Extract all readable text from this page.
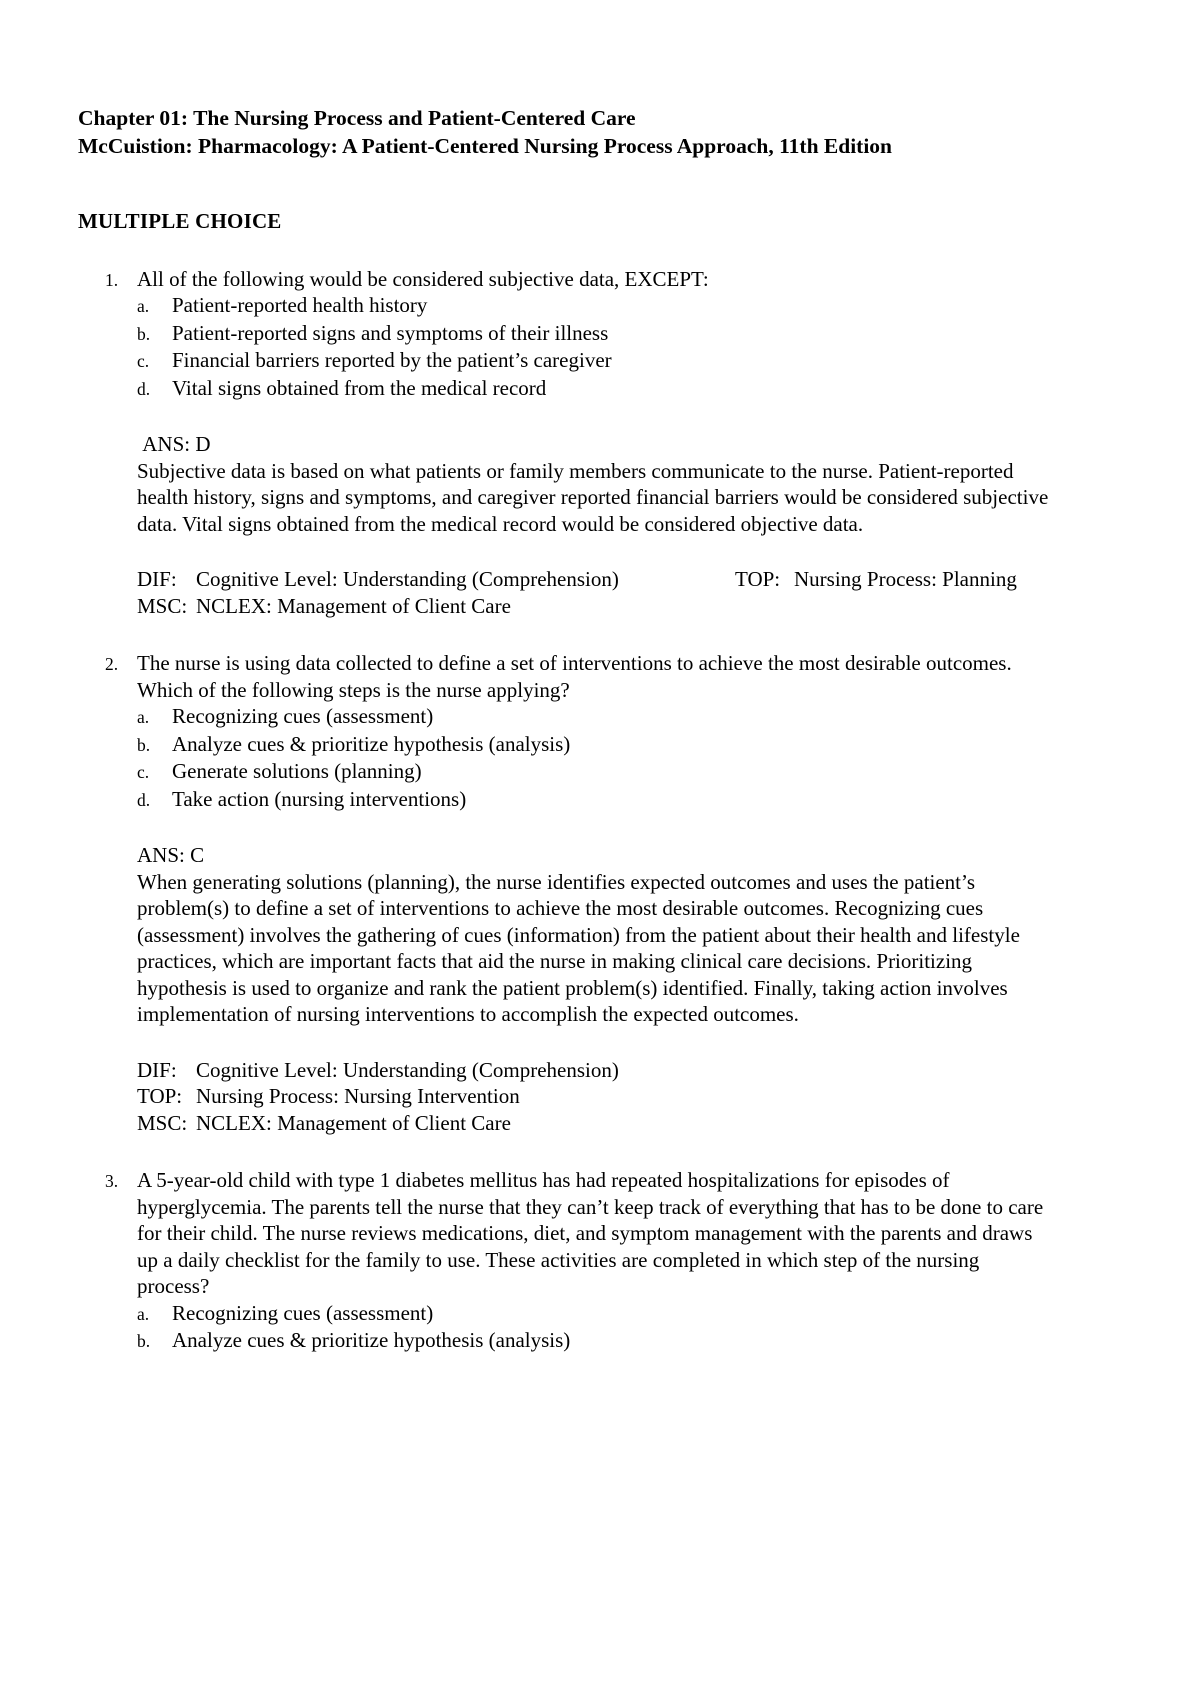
Chapter 01: The Nursing Process and Patient-Centered Care
McCuistion: Pharmacology: A Patient-Centered Nursing Process Approach, 11th Edition
MULTIPLE CHOICE
1. All of the following would be considered subjective data, EXCEPT:

a.	Patient-reported health history
b.	Patient-reported signs and symptoms of their illness
c.	Financial barriers reported by the patient’s caregiver
d.	Vital signs obtained from the medical record

ANS: D

Subjective data is based on what patients or family members communicate to the nurse. Patient-reported health history, signs and symptoms, and caregiver reported financial barriers would be considered subjective data. Vital signs obtained from the medical record would be considered objective data.

DIF: Cognitive Level: Understanding (Comprehension)	TOP: Nursing Process: Planning
MSC: NCLEX: Management of Client Care
2. The nurse is using data collected to define a set of interventions to achieve the most desirable outcomes. Which of the following steps is the nurse applying?

a.	Recognizing cues (assessment)
b.	Analyze cues & prioritize hypothesis (analysis)
c.	Generate solutions (planning)
d.	Take action (nursing interventions)

ANS: C

When generating solutions (planning), the nurse identifies expected outcomes and uses the patient’s problem(s) to define a set of interventions to achieve the most desirable outcomes. Recognizing cues (assessment) involves the gathering of cues (information) from the patient about their health and lifestyle practices, which are important facts that aid the nurse in making clinical care decisions. Prioritizing hypothesis is used to organize and rank the patient problem(s) identified. Finally, taking action involves implementation of nursing interventions to accomplish the expected outcomes.

DIF: Cognitive Level: Understanding (Comprehension)
TOP: Nursing Process: Nursing Intervention
MSC: NCLEX: Management of Client Care
3. A 5-year-old child with type 1 diabetes mellitus has had repeated hospitalizations for episodes of hyperglycemia. The parents tell the nurse that they can’t keep track of everything that has to be done to care for their child. The nurse reviews medications, diet, and symptom management with the parents and draws up a daily checklist for the family to use. These activities are completed in which step of the nursing process?

a.	Recognizing cues (assessment)
b.	Analyze cues & prioritize hypothesis (analysis)
